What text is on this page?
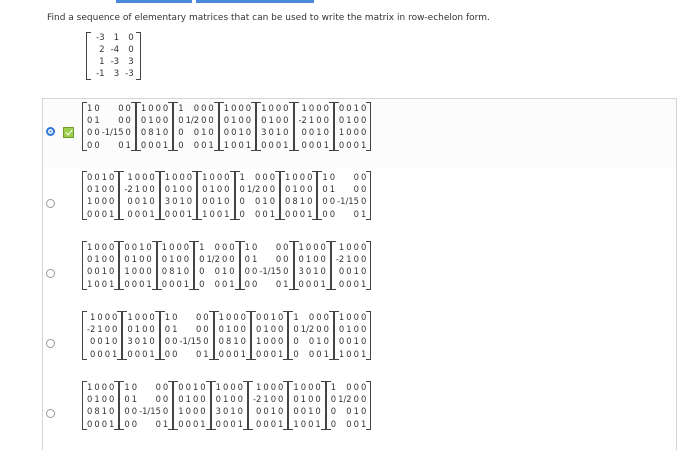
Find a sequence of elementary matrices that can be used to write the matrix in row-echelon form.
-3	1	0
2	-4	0
1	-3	3
-1	3	-3
1	0	0	0
0	1	0	0
0	0	-1/15	0
0	0	0	1
1	0	0	0
0	1	0	0
0	8	1	0
0	0	0	1
1	0	0	0
0	1/2	0	0
0	0	1	0
0	0	0	1
1	0	0	0
0	1	0	0
0	0	1	0
1	0	0	1
1	0	0	0
0	1	0	0
3	0	1	0
0	0	0	1
1	0	0	0
-2	1	0	0
0	0	1	0
0	0	0	1
0	0	1	0
0	1	0	0
1	0	0	0
0	0	0	1
0	0	1	0
0	1	0	0
1	0	0	0
0	0	0	1
1	0	0	0
-2	1	0	0
0	0	1	0
0	0	0	1
1	0	0	0
0	1	0	0
3	0	1	0
0	0	0	1
1	0	0	0
0	1	0	0
0	0	1	0
1	0	0	1
1	0	0	0
0	1/2	0	0
0	0	1	0
0	0	0	1
1	0	0	0
0	1	0	0
0	8	1	0
0	0	0	1
1	0	0	0
0	1	0	0
0	0	-1/15	0
0	0	0	1
1	0	0	0
0	1	0	0
0	0	1	0
1	0	0	1
0	0	1	0
0	1	0	0
1	0	0	0
0	0	0	1
1	0	0	0
0	1	0	0
0	8	1	0
0	0	0	1
1	0	0	0
0	1/2	0	0
0	0	1	0
0	0	0	1
1	0	0	0
0	1	0	0
0	0	-1/15	0
0	0	0	1
1	0	0	0
0	1	0	0
3	0	1	0
0	0	0	1
1	0	0	0
-2	1	0	0
0	0	1	0
0	0	0	1
1	0	0	0
-2	1	0	0
0	0	1	0
0	0	0	1
1	0	0	0
0	1	0	0
3	0	1	0
0	0	0	1
1	0	0	0
0	1	0	0
0	0	-1/15	0
0	0	0	1
1	0	0	0
0	1	0	0
0	8	1	0
0	0	0	1
0	0	1	0
0	1	0	0
1	0	0	0
0	0	0	1
1	0	0	0
0	1/2	0	0
0	0	1	0
0	0	0	1
1	0	0	0
0	1	0	0
0	0	1	0
1	0	0	1
1	0	0	0
0	1	0	0
0	8	1	0
0	0	0	1
1	0	0	0
0	1	0	0
0	0	-1/15	0
0	0	0	1
0	0	1	0
0	1	0	0
1	0	0	0
0	0	0	1
1	0	0	0
0	1	0	0
3	0	1	0
0	0	0	1
1	0	0	0
-2	1	0	0
0	0	1	0
0	0	0	1
1	0	0	0
0	1	0	0
0	0	1	0
1	0	0	1
1	0	0	0
0	1/2	0	0
0	0	1	0
0	0	0	1
